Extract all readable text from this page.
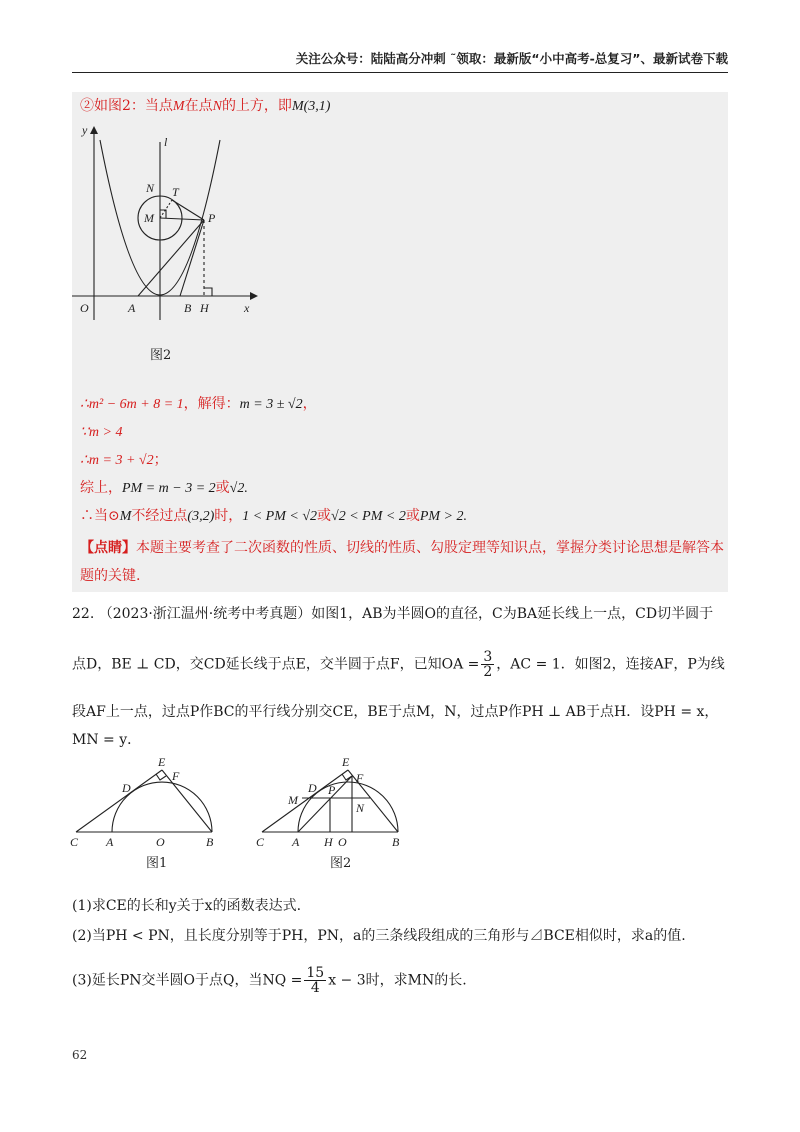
关注公众号：陆陆高分冲刺 ˜领取：最新版“小中高考-总复习”、最新试卷下载
②如图2：当点M在点N的上方，即M(3,1)
y
l
N T
M	P
O	A	B H	x
图2
∴m² − 6m + 8 = 1，解得：m = 3 ± √2，
∵m > 4
∴m = 3 + √2；
综上，PM = m − 3 = 2或√2.
∴当⊙M不经过点(3,2)时，1 < PM < √2或√2 < PM < 2或PM > 2.
【点睛】本题主要考查了二次函数的性质、切线的性质、勾股定理等知识点，掌握分类讨论思想是解答本
题的关键.
22. （2023·浙江温州·统考中考真题）如图1，AB为半圆O的直径，C为BA延长线上一点，CD切半圆于
点D，BE ⊥ CD，交CD延长线于点E，交半圆于点F，已知OA = $\frac{3}{2}$ ，AC = 1．如图2，连接AF，P为线
段AF上一点，过点P作BC的平行线分别交CE，BE于点M，N，过点P作PH ⊥ AB于点H．设PH = x，
MN = y．
E
D
F
C A	O	B
E
D
F
M
P
N
C A H O	B
图1	图2
(1)求CE的长和y关于x的函数表达式.
(2)当PH < PN，且长度分别等于PH，PN，a的三条线段组成的三角形与⊿BCE相似时，求a的值.
(3)延长PN交半圆O于点Q，当NQ = $\frac{15}{4}$ x − 3时，求MN的长.
62
